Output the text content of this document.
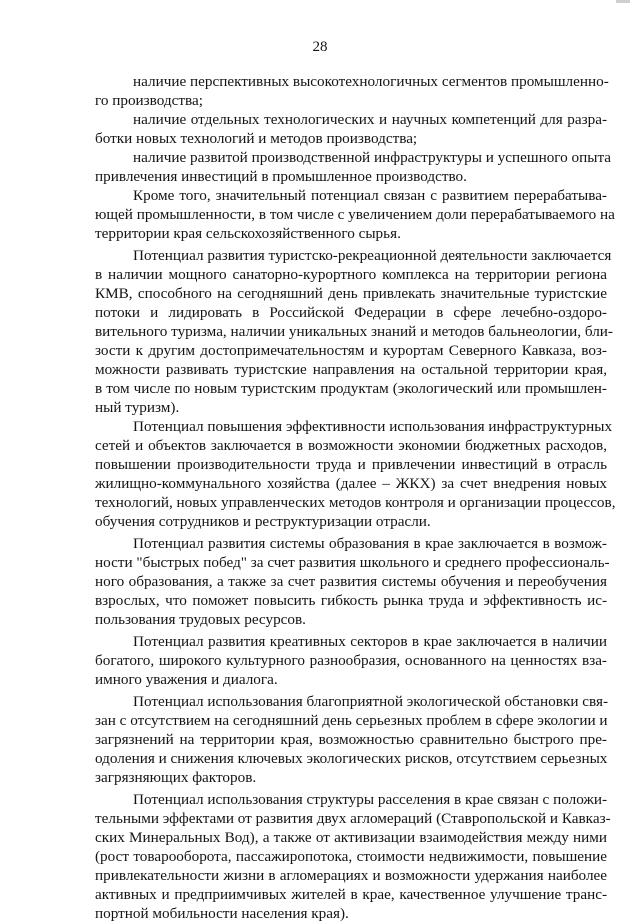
28
наличие перспективных высокотехнологичных сегментов промышленно-
го производства;
наличие отдельных технологических и научных компетенций для разра-
ботки новых технологий и методов производства;
наличие развитой производственной инфраструктуры и успешного опыта
привлечения инвестиций в промышленное производство.
Кроме того, значительный потенциал связан с развитием перерабатыва-
ющей промышленности, в том числе с увеличением доли перерабатываемого на
территории края сельскохозяйственного сырья.
Потенциал развития туристско-рекреационной деятельности заключается
в наличии мощного санаторно-курортного комплекса на территории региона
КМВ, способного на сегодняшний день привлекать значительные туристские
потоки и лидировать в Российской Федерации в сфере лечебно-оздоро-
вительного туризма, наличии уникальных знаний и методов бальнеологии, бли-
зости к другим достопримечательностям и курортам Северного Кавказа, воз-
можности развивать туристские направления на остальной территории края,
в том числе по новым туристским продуктам (экологический или промышлен-
ный туризм).
Потенциал повышения эффективности использования инфраструктурных
сетей и объектов заключается в возможности экономии бюджетных расходов,
повышении производительности труда и привлечении инвестиций в отрасль
жилищно-коммунального хозяйства (далее – ЖКХ) за счет внедрения новых
технологий, новых управленческих методов контроля и организации процессов,
обучения сотрудников и реструктуризации отрасли.
Потенциал развития системы образования в крае заключается в возмож-
ности "быстрых побед" за счет развития школьного и среднего профессиональ-
ного образования, а также за счет развития системы обучения и переобучения
взрослых, что поможет повысить гибкость рынка труда и эффективность ис-
пользования трудовых ресурсов.
Потенциал развития креативных секторов в крае заключается в наличии
богатого, широкого культурного разнообразия, основанного на ценностях вза-
имного уважения и диалога.
Потенциал использования благоприятной экологической обстановки свя-
зан с отсутствием на сегодняшний день серьезных проблем в сфере экологии и
загрязнений на территории края, возможностью сравнительно быстрого пре-
одоления и снижения ключевых экологических рисков, отсутствием серьезных
загрязняющих факторов.
Потенциал использования структуры расселения в крае связан с положи-
тельными эффектами от развития двух агломераций (Ставропольской и Кавказ-
ских Минеральных Вод), а также от активизации взаимодействия между ними
(рост товарооборота, пассажиропотока, стоимости недвижимости, повышение
привлекательности жизни в агломерациях и возможности удержания наиболее
активных и предприимчивых жителей в крае, качественное улучшение транс-
портной мобильности населения края).
